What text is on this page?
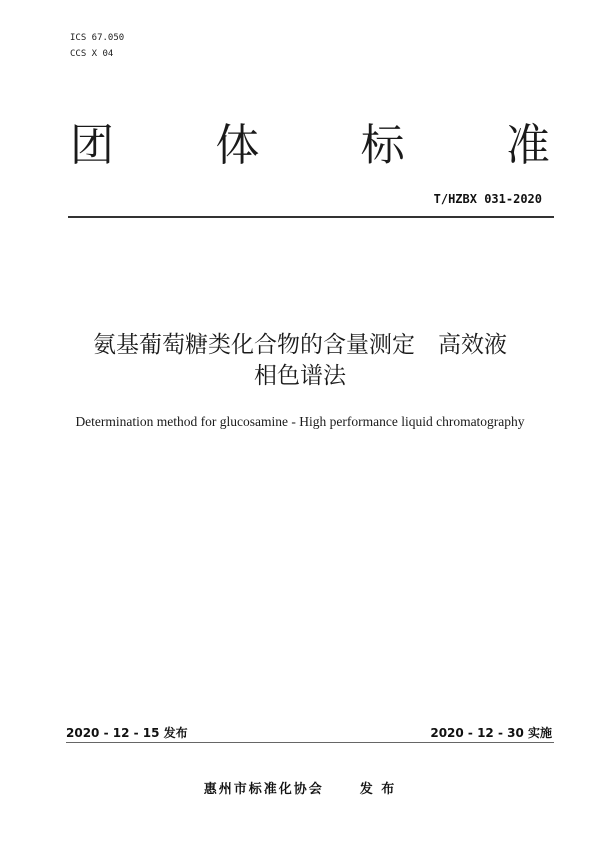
ICS 67.050
CCS X 04
团 体 标 准
T/HZBX 031-2020
氨基葡萄糖类化合物的含量测定　高效液
相色谱法
Determination method for glucosamine - High performance liquid chromatography
2020 - 12 - 15 发布	2020 - 12 - 30 实施
惠州市标准化协会	发 布
